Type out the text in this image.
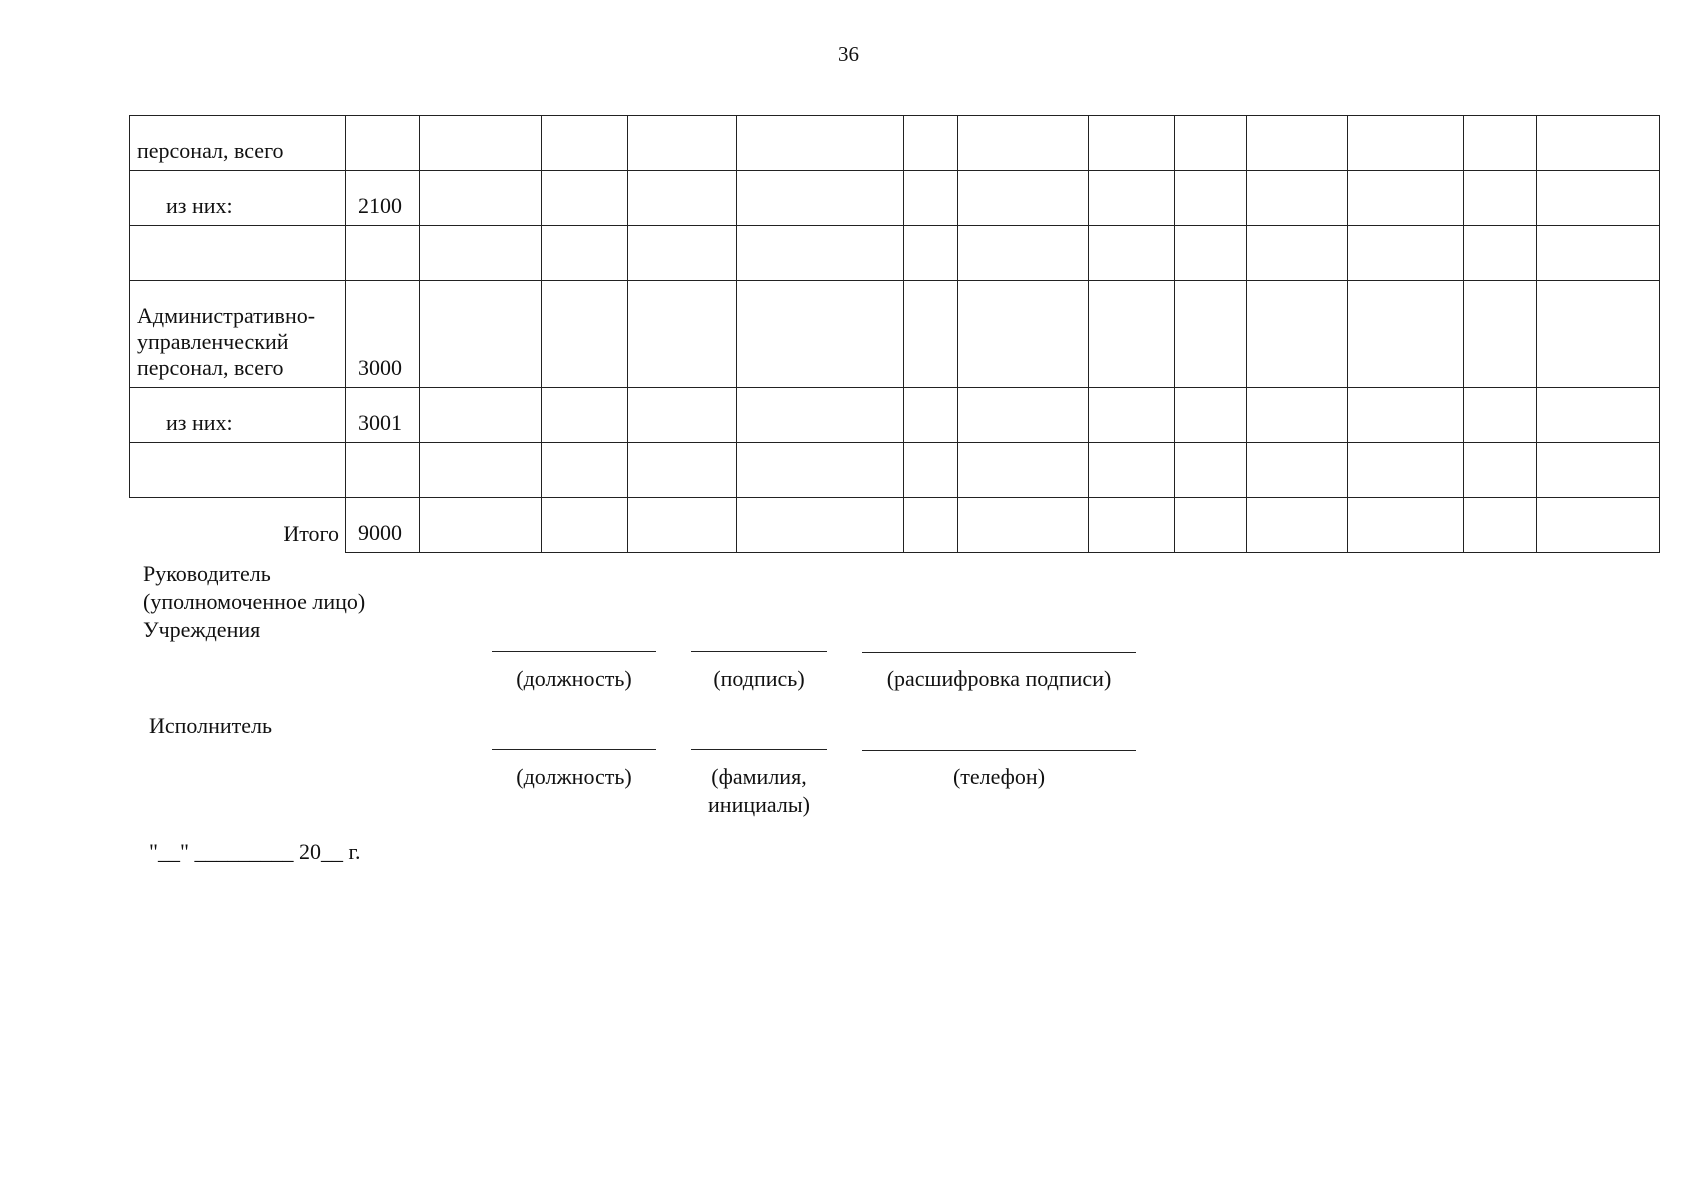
36
персонал, всего													
из них:	2100												

Административно-управленческий персонал, всего	3000												
из них:	3001												

Итого	9000												
Руководитель (уполномоченное лицо) Учреждения
(должность)	(подпись)	(расшифровка подписи)
Исполнитель
(должность)	(фамилия, инициалы)
(телефон)
"__" _________ 20__ г.
